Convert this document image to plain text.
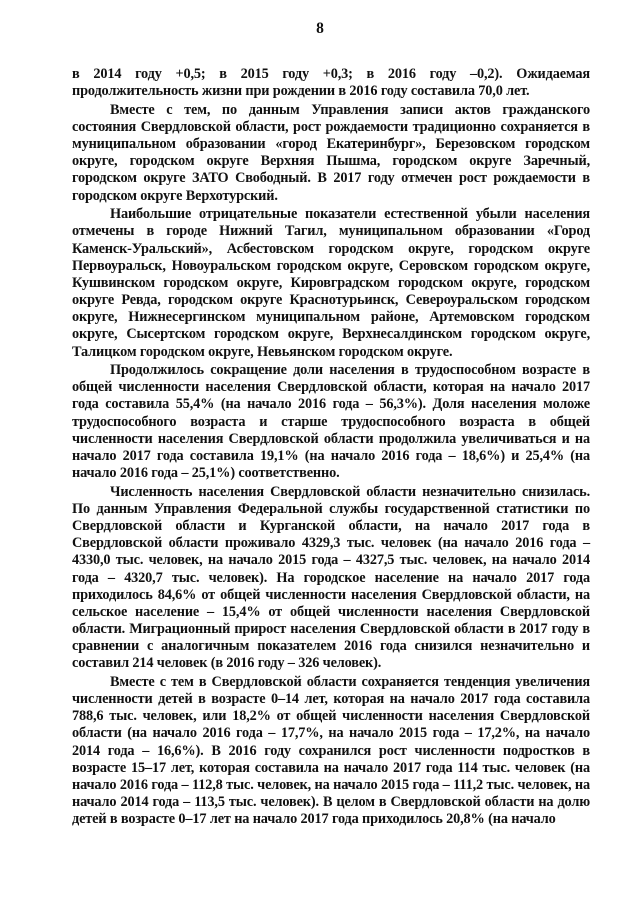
8

в 2014 году +0,5; в 2015 году +0,3; в 2016 году –0,2). Ожидаемая продолжительность жизни при рождении в 2016 году составила 70,0 лет.

Вместе с тем, по данным Управления записи актов гражданского состояния Свердловской области, рост рождаемости традиционно сохраняется в муниципальном образовании «город Екатеринбург», Березовском городском округе, городском округе Верхняя Пышма, городском округе Заречный, городском округе ЗАТО Свободный. В 2017 году отмечен рост рождаемости в городском округе Верхотурский.

Наибольшие отрицательные показатели естественной убыли населения отмечены в городе Нижний Тагил, муниципальном образовании «Город Каменск-Уральский», Асбестовском городском округе, городском округе Первоуральск, Новоуральском городском округе, Серовском городском округе, Кушвинском городском округе, Кировградском городском округе, городском округе Ревда, городском округе Краснотурьинск, Североуральском городском округе, Нижнесергинском муниципальном районе, Артемовском городском округе, Сысертском городском округе, Верхнесалдинском городском округе, Талицком городском округе, Невьянском городском округе.

Продолжилось сокращение доли населения в трудоспособном возрасте в общей численности населения Свердловской области, которая на начало 2017 года составила 55,4% (на начало 2016 года – 56,3%). Доля населения моложе трудоспособного возраста и старше трудоспособного возраста в общей численности населения Свердловской области продолжила увеличиваться и на начало 2017 года составила 19,1% (на начало 2016 года – 18,6%) и 25,4% (на начало 2016 года – 25,1%) соответственно.

Численность населения Свердловской области незначительно снизилась. По данным Управления Федеральной службы государственной статистики по Свердловской области и Курганской области, на начало 2017 года в Свердловской области проживало 4329,3 тыс. человек (на начало 2016 года – 4330,0 тыс. человек, на начало 2015 года – 4327,5 тыс. человек, на начало 2014 года – 4320,7 тыс. человек). На городское население на начало 2017 года приходилось 84,6% от общей численности населения Свердловской области, на сельское население – 15,4% от общей численности населения Свердловской области. Миграционный прирост населения Свердловской области в 2017 году в сравнении с аналогичным показателем 2016 года снизился незначительно и составил 214 человек (в 2016 году – 326 человек).

Вместе с тем в Свердловской области сохраняется тенденция увеличения численности детей в возрасте 0–14 лет, которая на начало 2017 года составила 788,6 тыс. человек, или 18,2% от общей численности населения Свердловской области (на начало 2016 года – 17,7%, на начало 2015 года – 17,2%, на начало 2014 года – 16,6%). В 2016 году сохранился рост численности подростков в возрасте 15–17 лет, которая составила на начало 2017 года 114 тыс. человек (на начало 2016 года – 112,8 тыс. человек, на начало 2015 года – 111,2 тыс. человек, на начало 2014 года – 113,5 тыс. человек). В целом в Свердловской области на долю детей в возрасте 0–17 лет на начало 2017 года приходилось 20,8% (на начало
